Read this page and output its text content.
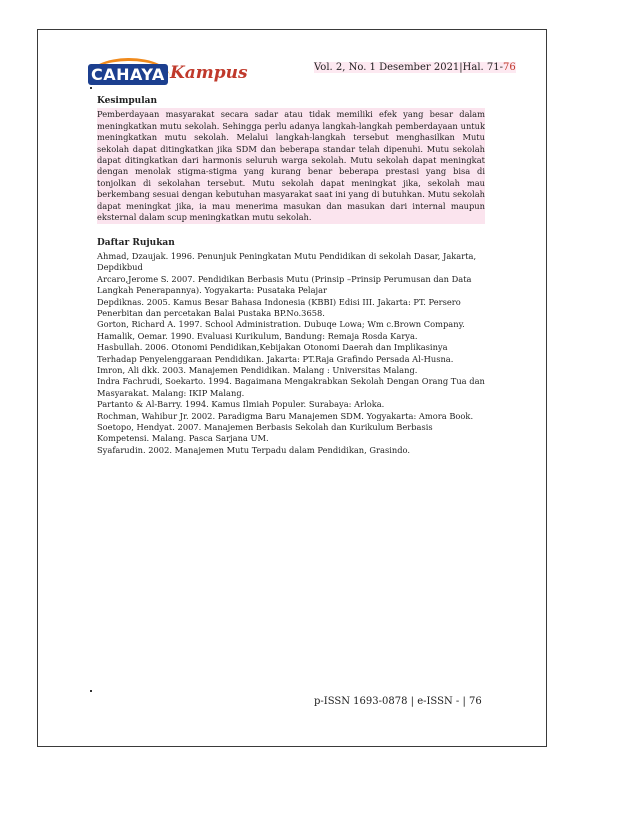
CAHAYA Kampus	Vol. 2, No. 1 Desember 2021|Hal. 71-76
Kesimpulan

Pemberdayaan masyarakat secara sadar atau tidak memiliki efek yang besar dalam meningkatkan mutu sekolah. Sehingga perlu adanya langkah-langkah pemberdayaan untuk meningkatkan mutu sekolah. Melalui langkah-langkah tersebut menghasilkan Mutu sekolah dapat ditingkatkan jika SDM dan beberapa standar telah dipenuhi. Mutu sekolah dapat ditingkatkan dari harmonis seluruh warga sekolah. Mutu sekolah dapat meningkat dengan menolak stigma-stigma yang kurang benar beberapa prestasi yang bisa di tonjolkan di sekolahan tersebut. Mutu sekolah dapat meningkat jika, sekolah mau berkembang sesuai dengan kebutuhan masyarakat saat ini yang di butuhkan. Mutu sekolah dapat meningkat jika, ia mau menerima masukan dan masukan dari internal maupun eksternal dalam scup meningkatkan mutu sekolah.

Daftar Rujukan
Ahmad, Dzaujak. 1996. Penunjuk Peningkatan Mutu Pendidikan di sekolah Dasar, Jakarta, Depdikbud
Arcaro,Jerome S. 2007. Pendidikan Berbasis Mutu (Prinsip –Prinsip Perumusan dan Data Langkah Penerapannya). Yogyakarta: Pusataka Pelajar
Depdiknas. 2005. Kamus Besar Bahasa Indonesia (KBBI) Edisi III. Jakarta: PT. Persero Penerbitan dan percetakan Balai Pustaka BP.No.3658.
Gorton, Richard A. 1997. School Administration. Dubuqe Lowa; Wm c.Brown Company.
Hamalik, Oemar. 1990. Evaluasi Kurikulum, Bandung: Remaja Rosda Karya.
Hasbullah. 2006. Otonomi Pendidikan,Kebijakan Otonomi Daerah dan Implikasinya Terhadap Penyelenggaraan Pendidikan. Jakarta: PT.Raja Grafindo Persada Al-Husna.
Imron, Ali dkk. 2003. Manajemen Pendidikan. Malang : Universitas Malang.
Indra Fachrudi, Soekarto. 1994. Bagaimana Mengakrabkan Sekolah Dengan Orang Tua dan Masyarakat. Malang: IKIP Malang.
Partanto & Al-Barry. 1994. Kamus Ilmiah Populer. Surabaya: Arloka.
Rochman, Wahibur Jr. 2002. Paradigma Baru Manajemen SDM. Yogyakarta: Amora Book.
Soetopo, Hendyat. 2007. Manajemen Berbasis Sekolah dan Kurikulum Berbasis Kompetensi. Malang. Pasca Sarjana UM.
Syafarudin. 2002. Manajemen Mutu Terpadu dalam Pendidikan, Grasindo.
p-ISSN 1693-0878 | e-ISSN - | 76
